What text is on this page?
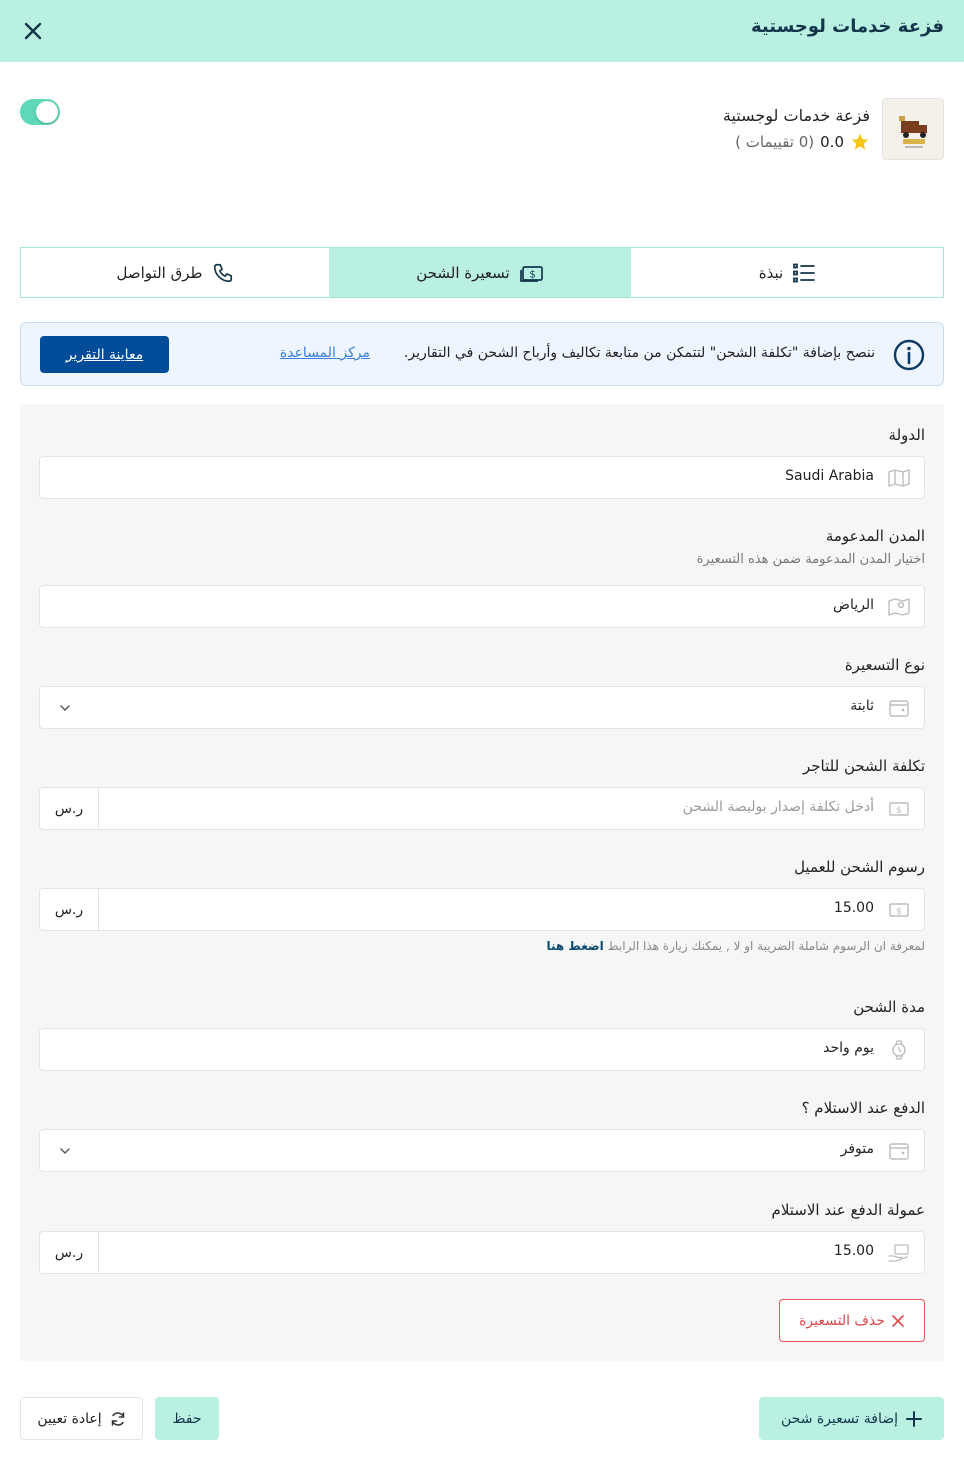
فزعة خدمات لوجستية
فزعة خدمات لوجستية
0.0
(0 تقييمات )
نبذة
$
تسعيرة الشحن
طرق التواصل
ننصح بإضافة "تكلفة الشحن" لتتمكن من متابعة تكاليف وأرباح الشحن في التقارير.
مركز المساعدة
معاينة التقرير
الدولة
Saudi Arabia
المدن المدعومة
اختيار المدن المدعومة ضمن هذه التسعيرة
الرياض
نوع التسعيرة
ثابتة
تكلفة الشحن للتاجر
$
أدخل تكلفة إصدار بوليصة الشحن
ر.س
رسوم الشحن للعميل
$
15.00
ر.س
لمعرفة ان الرسوم شاملة الضريبة او لا , يمكنك زيارة هذا الرابط اضغط هنا
مدة الشحن
يوم واحد
الدفع عند الاستلام ؟
متوفر
عمولة الدفع عند الاستلام
15.00
ر.س
حذف التسعيرة
إضافة تسعيرة شحن
حفظ
إعادة تعيين
